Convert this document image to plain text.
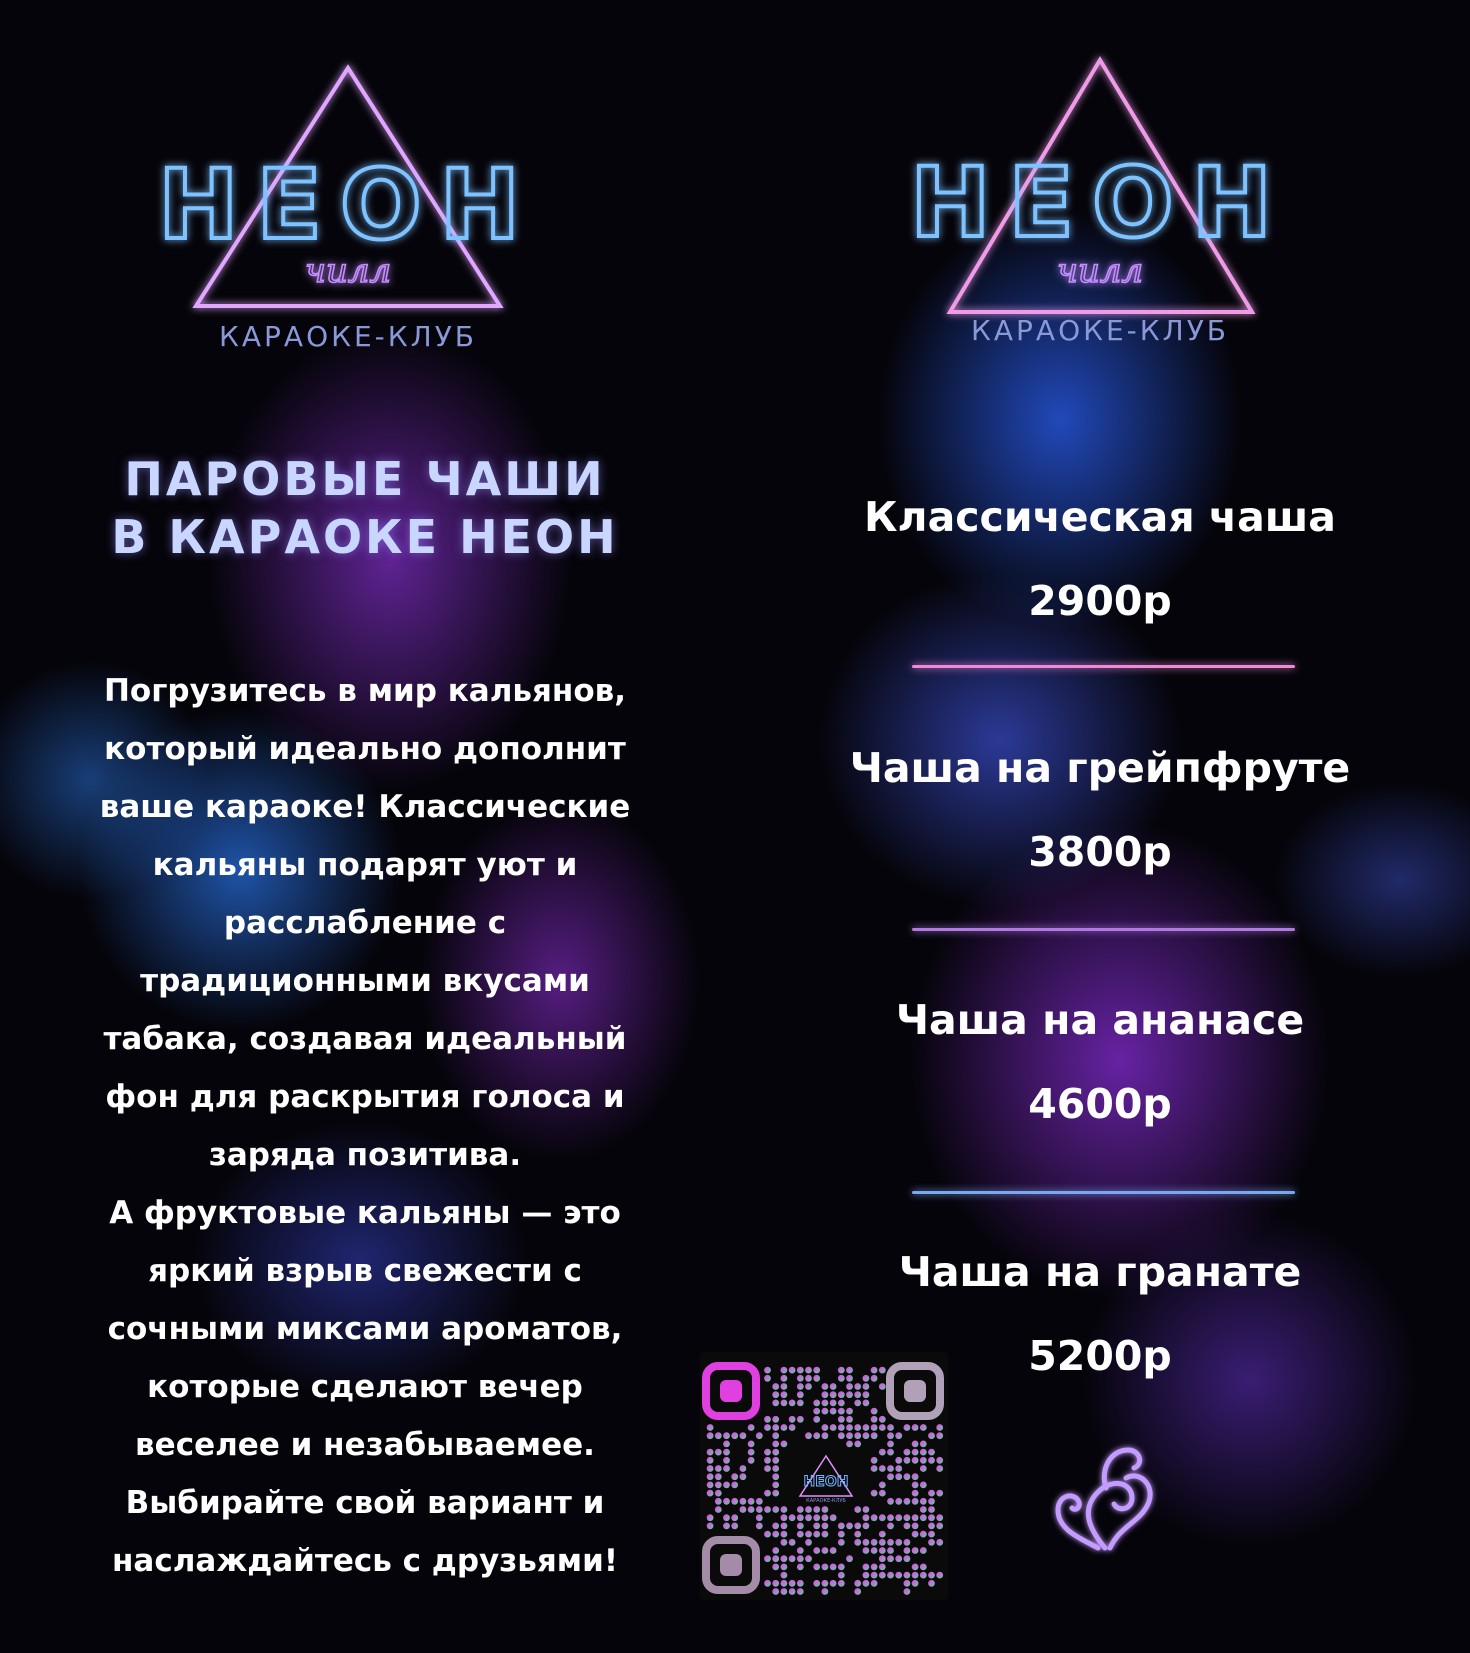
НЕОН
чилл
КАРАОКЕ-КЛУБ
НЕОН
чилл
КАРАОКЕ-КЛУБ
ПАРОВЫЕ ЧАШИ
В КАРАОКЕ НЕОН
Погрузитесь в мир кальянов,
который идеально дополнит
ваше караоке! Классические
кальяны подарят уют и
расслабление с
традиционными вкусами
табака, создавая идеальный
фон для раскрытия голоса и
заряда позитива.
А фруктовые кальяны — это
яркий взрыв свежести с
сочными миксами ароматов,
которые сделают вечер
веселее и незабываемее.
Выбирайте свой вариант и
наслаждайтесь с друзьями!
Классическая чаша
2900р
Чаша на грейпфруте
3800р
Чаша на ананасе
4600р
Чаша на гранате
5200р
НЕОН
КАРАОКЕ-КЛУБ
